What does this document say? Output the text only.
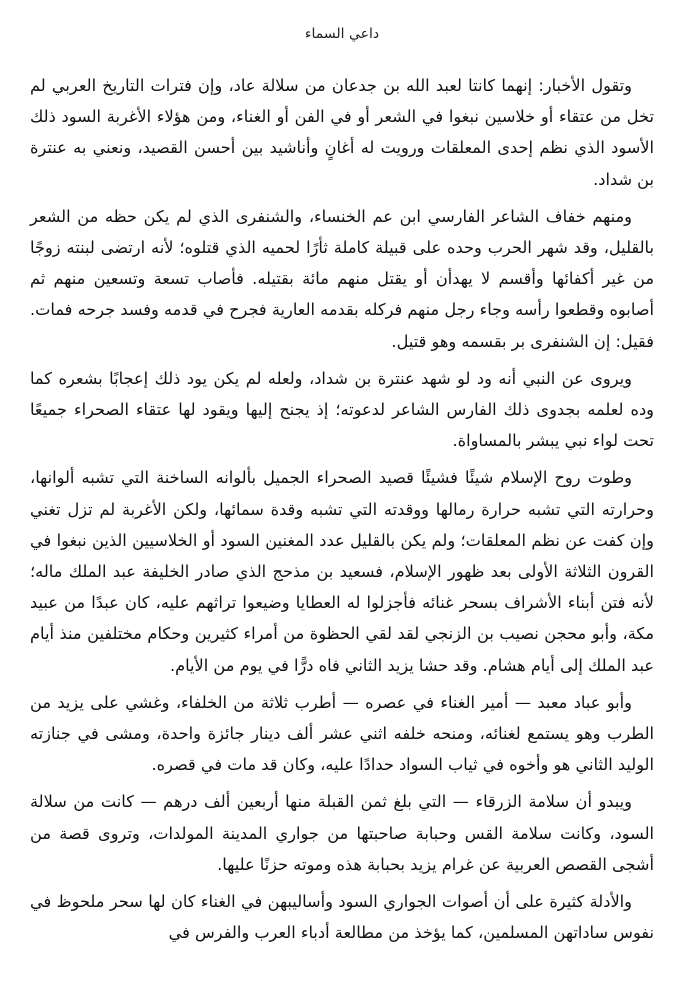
داعي السماء

وتقول الأخبار: إنهما كانتا لعبد الله بن جدعان من سلالة عاد، وإن فترات التاريخ العربي لم تخل من عتقاء أو خلاسين نبغوا في الشعر أو في الفن أو الغناء، ومن هؤلاء الأغربة السود ذلك الأسود الذي نظم إحدى المعلقات ورويت له أغانٍ وأناشيد بين أحسن القصيد، ونعني به عنترة بن شداد.

ومنهم خفاف الشاعر الفارسي ابن عم الخنساء، والشنفرى الذي لم يكن حظه من الشعر بالقليل، وقد شهر الحرب وحده على قبيلة كاملة ثأرًا لحميه الذي قتلوه؛ لأنه ارتضى لبنته زوجًا من غير أكفائها وأقسم لا يهدأن أو يقتل منهم مائة بقتيله. فأصاب تسعة وتسعين منهم ثم أصابوه وقطعوا رأسه وجاء رجل منهم فركله بقدمه العارية فجرح في قدمه وفسد جرحه فمات. فقيل: إن الشنفرى بر بقسمه وهو قتيل.

ويروى عن النبي أنه ود لو شهد عنترة بن شداد، ولعله لم يكن يود ذلك إعجابًا بشعره كما وده لعلمه بجدوى ذلك الفارس الشاعر لدعوته؛ إذ يجنح إليها ويقود لها عتقاء الصحراء جميعًا تحت لواء نبي يبشر بالمساواة.

وطوت روح الإسلام شيئًا فشيئًا قصيد الصحراء الجميل بألوانه الساخنة التي تشبه ألوانها، وحرارته التي تشبه حرارة رمالها ووقدته التي تشبه وقدة سمائها، ولكن الأغربة لم تزل تغني وإن كفت عن نظم المعلقات؛ ولم يكن بالقليل عدد المغنين السود أو الخلاسيين الذين نبغوا في القرون الثلاثة الأولى بعد ظهور الإسلام، فسعيد بن مذحج الذي صادر الخليفة عبد الملك ماله؛ لأنه فتن أبناء الأشراف بسحر غنائه فأجزلوا له العطايا وضيعوا تراثهم عليه، كان عبدًا من عبيد مكة، وأبو محجن نصيب بن الزنجي لقد لقي الحظوة من أمراء كثيرين وحكام مختلفين منذ أيام عبد الملك إلى أيام هشام. وقد حشا يزيد الثاني فاه درًّا في يوم من الأيام.

وأبو عباد معبد — أمير الغناء في عصره — أطرب ثلاثة من الخلفاء، وغشي على يزيد من الطرب وهو يستمع لغنائه، ومنحه خلفه اثني عشر ألف دينار جائزة واحدة، ومشى في جنازته الوليد الثاني هو وأخوه في ثياب السواد حدادًا عليه، وكان قد مات في قصره.

ويبدو أن سلامة الزرقاء — التي بلغ ثمن القبلة منها أربعين ألف درهم — كانت من سلالة السود، وكانت سلامة القس وحبابة صاحبتها من جواري المدينة المولدات، وتروى قصة من أشجى القصص العربية عن غرام يزيد بحبابة هذه وموته حزنًا عليها.

والأدلة كثيرة على أن أصوات الجواري السود وأساليبهن في الغناء كان لها سحر ملحوظ في نفوس ساداتهن المسلمين، كما يؤخذ من مطالعة أدباء العرب والفرس في
